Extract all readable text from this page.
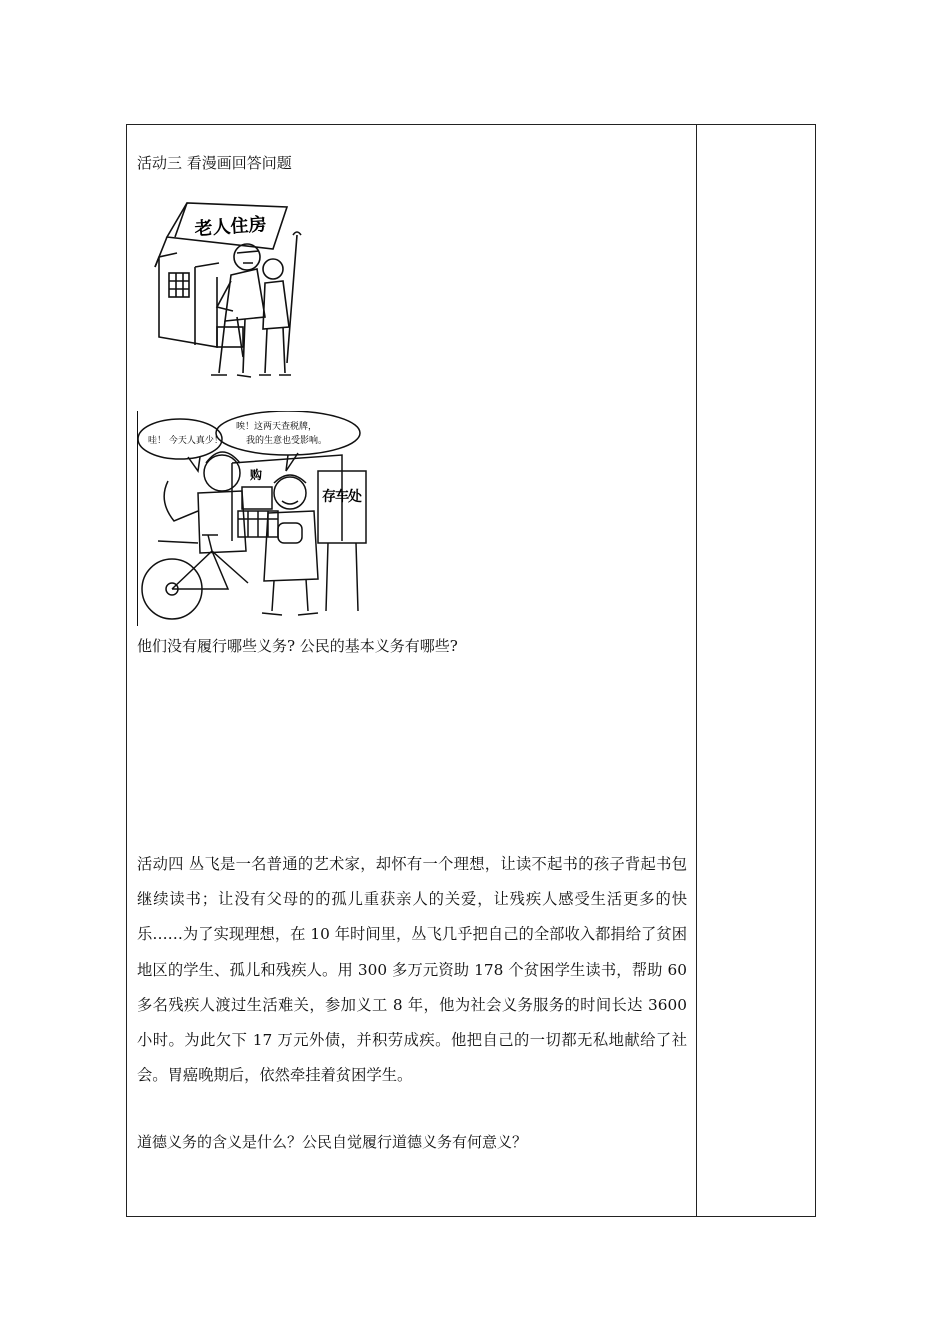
活动三 看漫画回答问题
老人住房
哇！ 今天人真少！
唉！这两天查税牌，
我的生意也受影响。
购
存车处
他们没有履行哪些义务? 公民的基本义务有哪些?

活动四 丛飞是一名普通的艺术家，却怀有一个理想，让读不起书的孩子背起书包继续读书；让没有父母的的孤儿重获亲人的关爱，让残疾人感受生活更多的快乐……为了实现理想，在 10 年时间里，丛飞几乎把自己的全部收入都捐给了贫困地区的学生、孤儿和残疾人。用 300 多万元资助 178 个贫困学生读书，帮助 60 多名残疾人渡过生活难关，参加义工 8 年，他为社会义务服务的时间长达 3600 小时。为此欠下 17 万元外债，并积劳成疾。他把自己的一切都无私地献给了社会。胃癌晚期后，依然牵挂着贫困学生。

道德义务的含义是什么？公民自觉履行道德义务有何意义？
